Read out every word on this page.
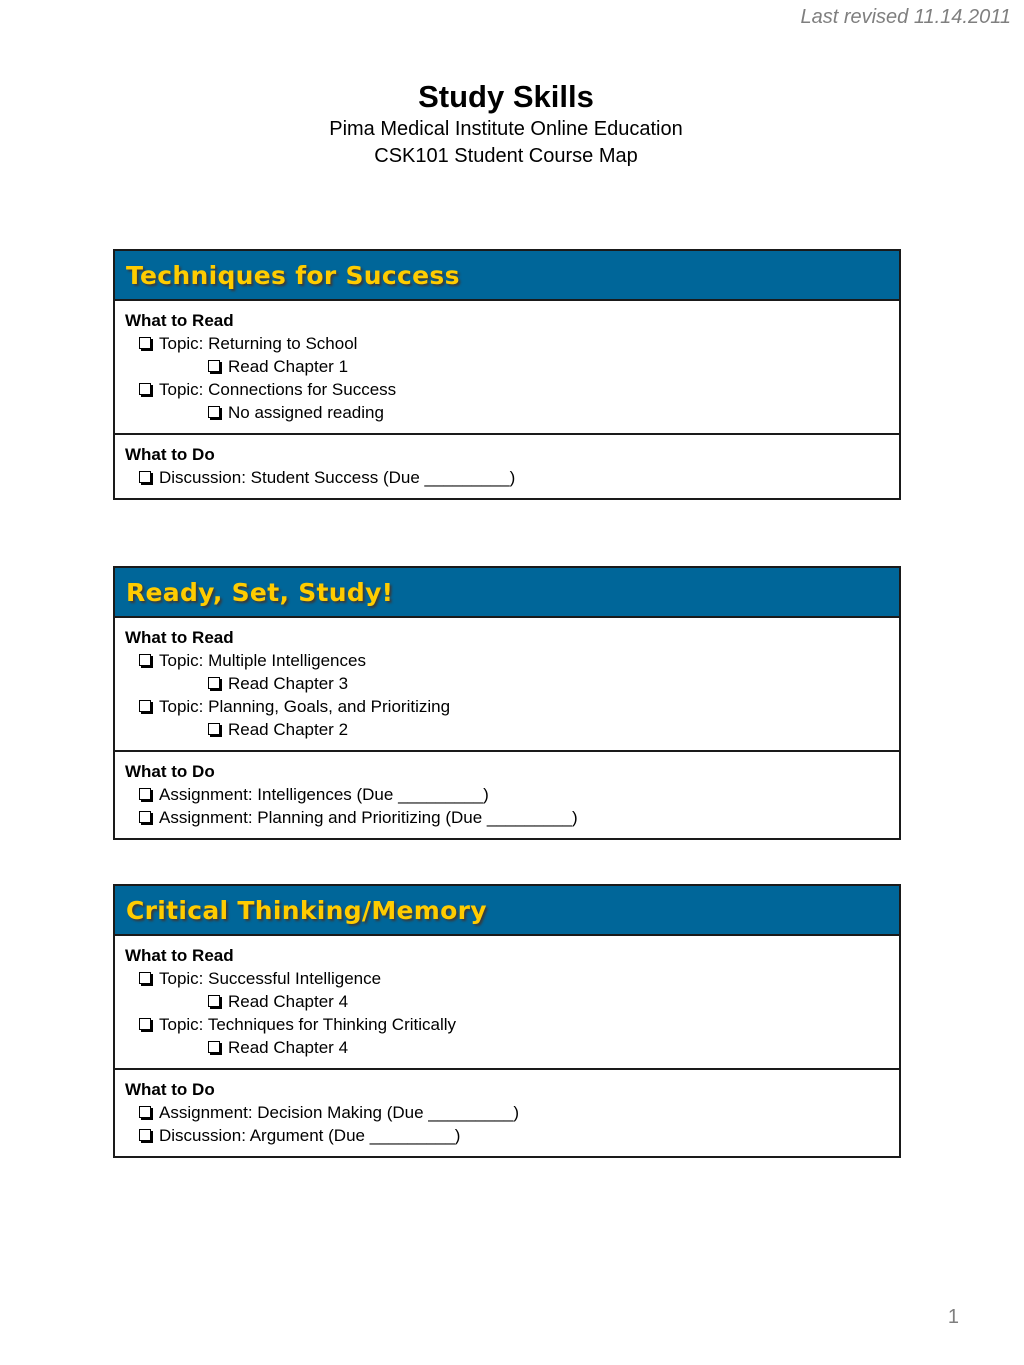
Last revised 11.14.2011
Study Skills
Pima Medical Institute Online Education
CSK101 Student Course Map
Techniques for Success
What to Read
Topic: Returning to School
Read Chapter 1
Topic: Connections for Success
No assigned reading
What to Do
Discussion: Student Success (Due _________)
Ready, Set, Study!
What to Read
Topic: Multiple Intelligences
Read Chapter 3
Topic: Planning, Goals, and Prioritizing
Read Chapter 2
What to Do
Assignment: Intelligences (Due _________)
Assignment: Planning and Prioritizing (Due _________)
Critical Thinking/Memory
What to Read
Topic: Successful Intelligence
Read Chapter 4
Topic: Techniques for Thinking Critically
Read Chapter 4
What to Do
Assignment: Decision Making (Due _________)
Discussion: Argument (Due _________)
1
